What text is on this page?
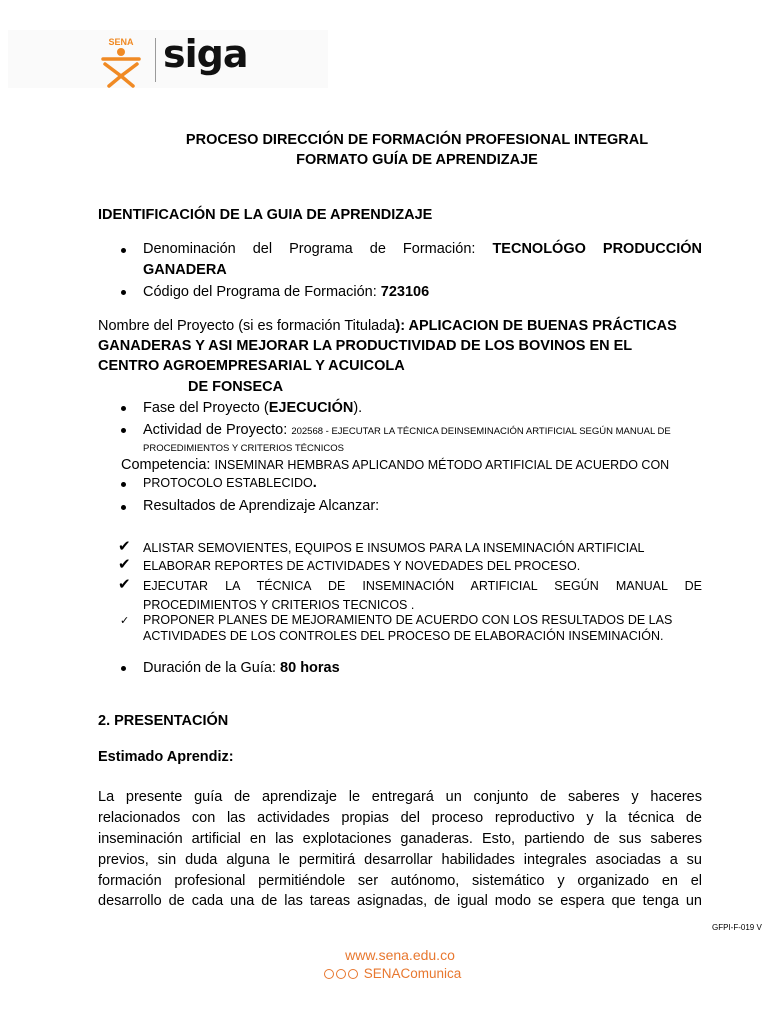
SENA siga
PROCESO DIRECCIÓN DE FORMACIÓN PROFESIONAL INTEGRAL
FORMATO GUÍA DE APRENDIZAJE
IDENTIFICACIÓN DE LA GUIA DE APRENDIZAJE
Denominación del Programa de Formación: TECNOLÓGO PRODUCCIÓN
GANADERA
Código del Programa de Formación: 723106
Nombre del Proyecto (si es formación Titulada): APLICACION DE BUENAS PRÁCTICAS
GANADERAS Y ASI MEJORAR LA PRODUCTIVIDAD DE LOS BOVINOS EN EL
CENTRO AGROEMPRESARIAL Y ACUICOLA
DE FONSECA
Fase del Proyecto (EJECUCIÓN).
Actividad de Proyecto: 202568 - EJECUTAR LA TÉCNICA DEINSEMINACIÓN ARTIFICIAL SEGÚN MANUAL DE
PROCEDIMIENTOS Y CRITERIOS TÉCNICOS
Competencia: INSEMINAR HEMBRAS APLICANDO MÉTODO ARTIFICIAL DE ACUERDO CON
PROTOCOLO ESTABLECIDO.
Resultados de Aprendizaje Alcanzar:
✔ ALISTAR SEMOVIENTES, EQUIPOS E INSUMOS PARA LA INSEMINACIÓN ARTIFICIAL
✔ ELABORAR REPORTES DE ACTIVIDADES Y NOVEDADES DEL PROCESO.
✔ EJECUTAR LA TÉCNICA DE INSEMINACIÓN ARTIFICIAL SEGÚN MANUAL DE
PROCEDIMIENTOS Y CRITERIOS TECNICOS .
✓ PROPONER PLANES DE MEJORAMIENTO DE ACUERDO CON LOS RESULTADOS DE LAS
ACTIVIDADES DE LOS CONTROLES DEL PROCESO DE ELABORACIÓN INSEMINACIÓN.
Duración de la Guía: 80 horas
2. PRESENTACIÓN
Estimado Aprendiz:
La presente guía de aprendizaje le entregará un conjunto de saberes y haceres
relacionados con las actividades propias del proceso reproductivo y la técnica de
inseminación artificial en las explotaciones ganaderas. Esto, partiendo de sus saberes
previos, sin duda alguna le permitirá desarrollar habilidades integrales asociadas a su
formación profesional permitiéndole ser autónomo, sistemático y organizado en el
desarrollo de cada una de las tareas asignadas, de igual modo se espera que tenga un
GFPI-F-019 V
www.sena.edu.co
SENAComunica
